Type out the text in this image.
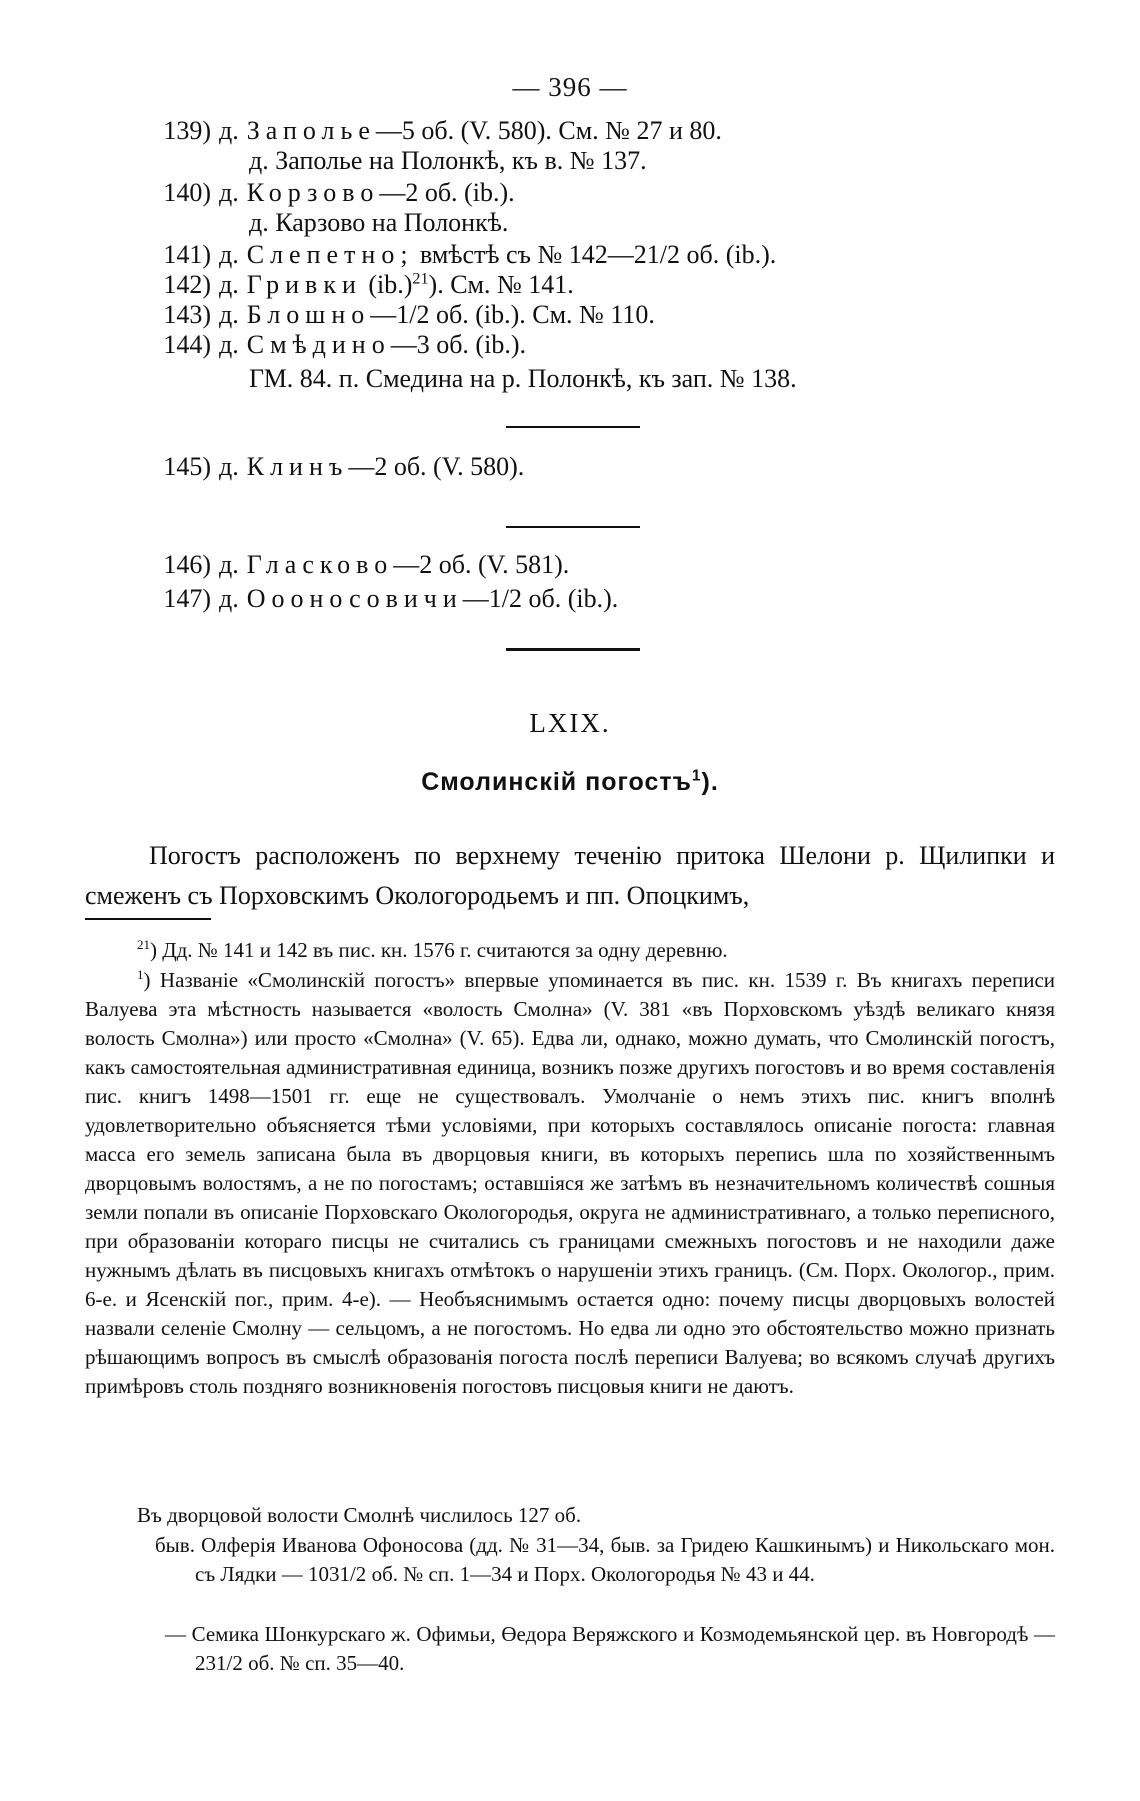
— 396 —
139) д. Заполье—5 об. (V. 580). См. № 27 и 80.
д. Заполье на Полонкѣ, къ в. № 137.
140) д. Корзово—2 об. (ib.).
д. Карзово на Полонкѣ.
141) д. Слепетно; вмѣстѣ съ № 142—21/2 об. (ib.).
142) д. Гривки $(ib.)^{21}$). См. № 141.
143) д. Блошно—1/2 об. (ib.). См. № 110.
144) д. Смѣдино—3 об. (ib.).
ГМ. 84. п. Смедина на р. Полонкѣ, къ зап. № 138.
145) д. Клинъ—2 об. (V. 580).
146) д. Гласково—2 об. (V. 581).
147) д. Оооносовичи—1/2 об. (ib.).
LXIX.
Смолинскій погостъ$^1$).
Погостъ расположенъ по верхнему теченію притока Шелони р. Щилипки и смеженъ съ Порховскимъ Окологородьемъ и пп. Опоцкимъ,
$^{21}$) Дд. № 141 и 142 въ пис. кн. 1576 г. считаются за одну деревню.
$^1$) Названіе «Смолинскій погостъ» впервые упоминается въ пис. кн. 1539 г. Въ книгахъ переписи Валуева эта мѣстность называется «волость Смолна» (V. 381 «въ Порховскомъ уѣздѣ великаго князя волость Смолна») или просто «Смолна» (V. 65). Едва ли, однако, можно думать, что Смолинскій погостъ, какъ самостоятельная административная единица, возникъ позже другихъ погостовъ и во время составленія пис. книгъ 1498—1501 гг. еще не существовалъ. Умолчаніе о немъ этихъ пис. книгъ вполнѣ удовлетворительно объясняется тѣми условіями, при которыхъ составлялось описаніе погоста: главная масса его земель записана была въ дворцовыя книги, въ которыхъ перепись шла по хозяйственнымъ дворцовымъ волостямъ, а не по погостамъ; оставшіяся же затѣмъ въ незначительномъ количествѣ сошныя земли попали въ описаніе Порховскаго Окологородья, округа не административнаго, а только переписного, при образованіи котораго писцы не считались съ границами смежныхъ погостовъ и не находили даже нужнымъ дѣлать въ писцовыхъ книгахъ отмѣтокъ о нарушеніи этихъ границъ. (См. Порх. Окологор., прим. 6-е. и Ясенскій пог., прим. 4-е). — Необъяснимымъ остается одно: почему писцы дворцовыхъ волостей назвали селеніе Смолну — сельцомъ, а не погостомъ. Но едва ли одно это обстоятельство можно признать рѣшающимъ вопросъ въ смыслѣ образованія погоста послѣ переписи Валуева; во всякомъ случаѣ другихъ примѣровъ столь поздняго возникновенія погостовъ писцовыя книги не даютъ.
Въ дворцовой волости Смолнѣ числилось 127 об.
быв. Олферія Иванова Офоносова (дд. № 31—34, быв. за Гридею Кашкинымъ) и Никольскаго мон. съ Лядки — 1031/2 об. № сп. 1—34 и Порх. Окологородья № 43 и 44.
— Семика Шонкурскаго ж. Офимьи, Өедора Веряжского и Козмодемьянской цер. въ Новгородѣ — 231/2 об. № сп. 35—40.
